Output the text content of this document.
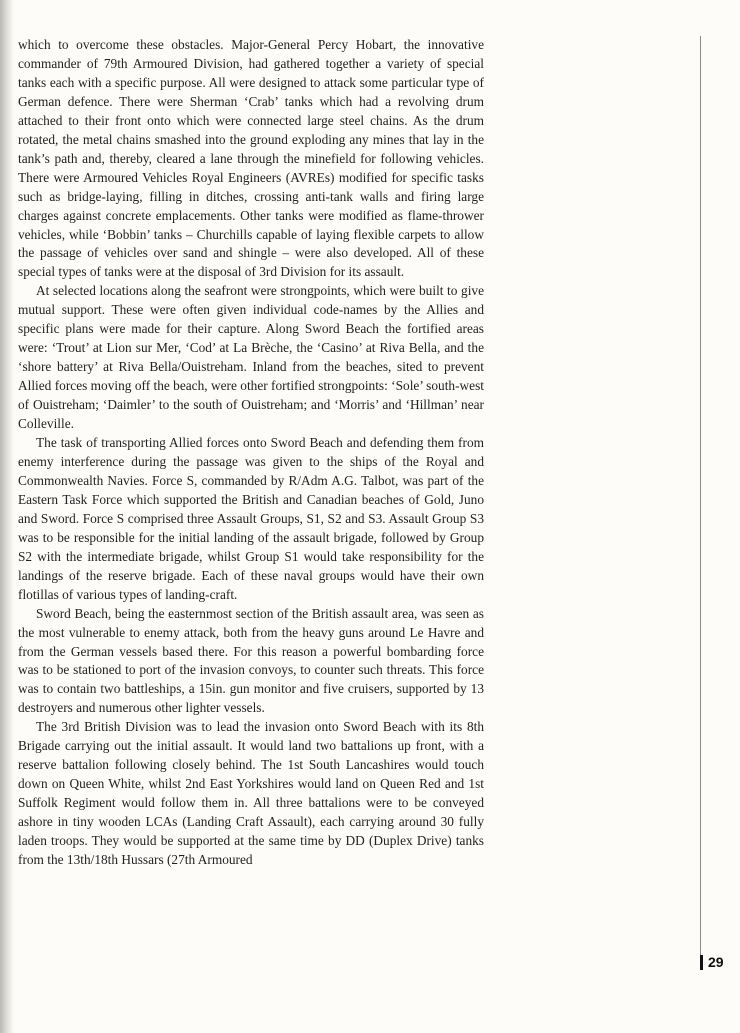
which to overcome these obstacles. Major-General Percy Hobart, the innovative commander of 79th Armoured Division, had gathered together a variety of special tanks each with a specific purpose. All were designed to attack some particular type of German defence. There were Sherman ‘Crab’ tanks which had a revolving drum attached to their front onto which were connected large steel chains. As the drum rotated, the metal chains smashed into the ground exploding any mines that lay in the tank’s path and, thereby, cleared a lane through the minefield for following vehicles. There were Armoured Vehicles Royal Engineers (AVREs) modified for specific tasks such as bridge-laying, filling in ditches, crossing anti-tank walls and firing large charges against concrete emplacements. Other tanks were modified as flame-thrower vehicles, while ‘Bobbin’ tanks – Churchills capable of laying flexible carpets to allow the passage of vehicles over sand and shingle – were also developed. All of these special types of tanks were at the disposal of 3rd Division for its assault.

At selected locations along the seafront were strongpoints, which were built to give mutual support. These were often given individual code-names by the Allies and specific plans were made for their capture. Along Sword Beach the fortified areas were: ‘Trout’ at Lion sur Mer, ‘Cod’ at La Brèche, the ‘Casino’ at Riva Bella, and the ‘shore battery’ at Riva Bella/Ouistreham. Inland from the beaches, sited to prevent Allied forces moving off the beach, were other fortified strongpoints: ‘Sole’ south-west of Ouistreham; ‘Daimler’ to the south of Ouistreham; and ‘Morris’ and ‘Hillman’ near Colleville.

The task of transporting Allied forces onto Sword Beach and defending them from enemy interference during the passage was given to the ships of the Royal and Commonwealth Navies. Force S, commanded by R/Adm A.G. Talbot, was part of the Eastern Task Force which supported the British and Canadian beaches of Gold, Juno and Sword. Force S comprised three Assault Groups, S1, S2 and S3. Assault Group S3 was to be responsible for the initial landing of the assault brigade, followed by Group S2 with the intermediate brigade, whilst Group S1 would take responsibility for the landings of the reserve brigade. Each of these naval groups would have their own flotillas of various types of landing-craft.

Sword Beach, being the easternmost section of the British assault area, was seen as the most vulnerable to enemy attack, both from the heavy guns around Le Havre and from the German vessels based there. For this reason a powerful bombarding force was to be stationed to port of the invasion convoys, to counter such threats. This force was to contain two battleships, a 15in. gun monitor and five cruisers, supported by 13 destroyers and numerous other lighter vessels.

The 3rd British Division was to lead the invasion onto Sword Beach with its 8th Brigade carrying out the initial assault. It would land two battalions up front, with a reserve battalion following closely behind. The 1st South Lancashires would touch down on Queen White, whilst 2nd East Yorkshires would land on Queen Red and 1st Suffolk Regiment would follow them in. All three battalions were to be conveyed ashore in tiny wooden LCAs (Landing Craft Assault), each carrying around 30 fully laden troops. They would be supported at the same time by DD (Duplex Drive) tanks from the 13th/18th Hussars (27th Armoured

29
